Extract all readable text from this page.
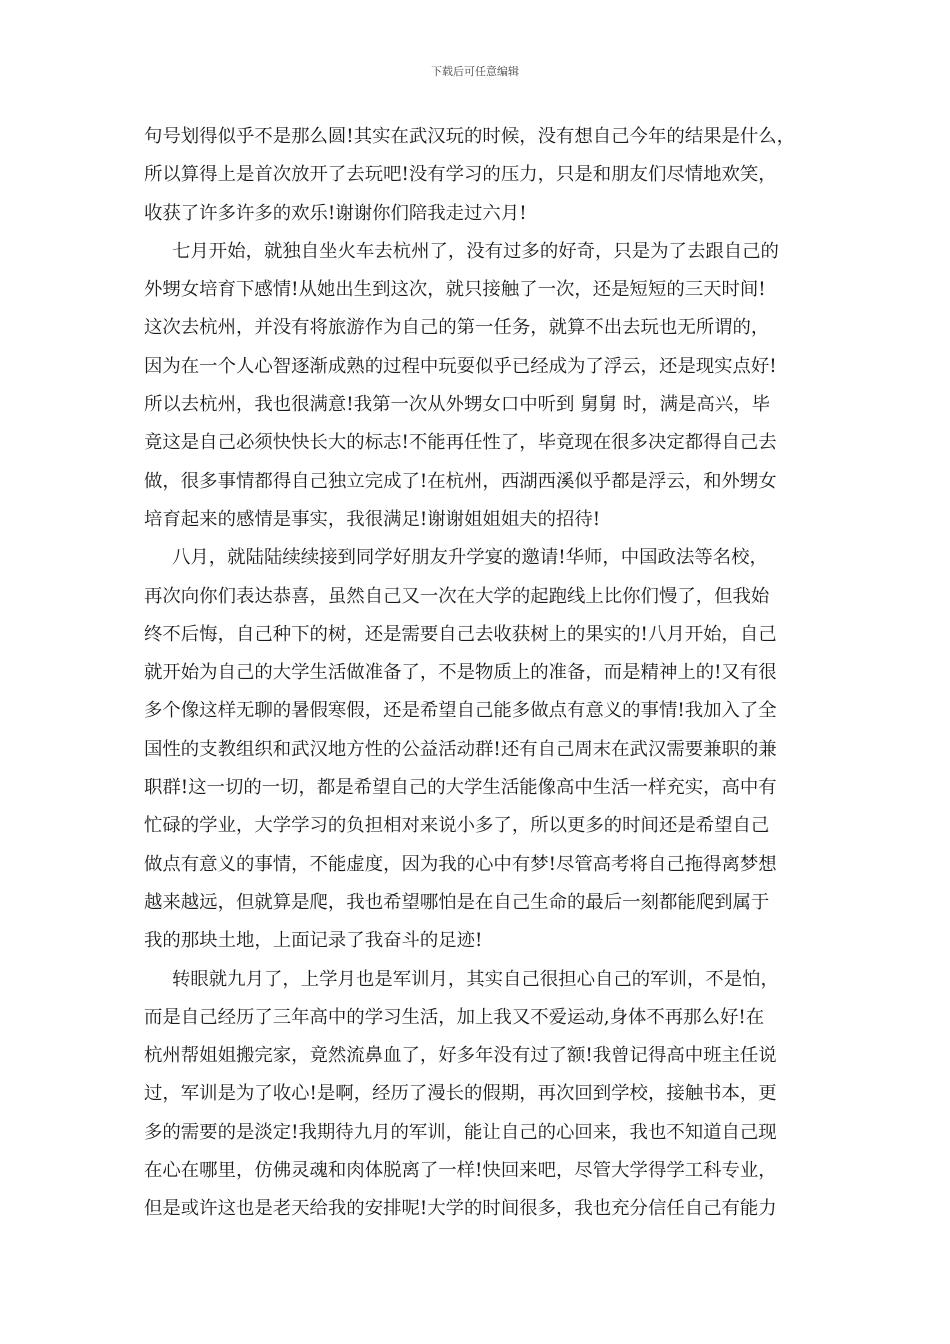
下载后可任意编辑
句号划得似乎不是那么圆!其实在武汉玩的时候，没有想自己今年的结果是什么，
所以算得上是首次放开了去玩吧!没有学习的压力，只是和朋友们尽情地欢笑，
收获了许多许多的欢乐!谢谢你们陪我走过六月!
七月开始，就独自坐火车去杭州了，没有过多的好奇，只是为了去跟自己的
外甥女培育下感情!从她出生到这次，就只接触了一次，还是短短的三天时间!
这次去杭州，并没有将旅游作为自己的第一任务，就算不出去玩也无所谓的，
因为在一个人心智逐渐成熟的过程中玩耍似乎已经成为了浮云，还是现实点好!
所以去杭州，我也很满意!我第一次从外甥女口中听到 舅舅 时，满是高兴，毕
竟这是自己必须快快长大的标志!不能再任性了，毕竟现在很多决定都得自己去
做，很多事情都得自己独立完成了!在杭州，西湖西溪似乎都是浮云，和外甥女
培育起来的感情是事实，我很满足!谢谢姐姐姐夫的招待!
八月，就陆陆续续接到同学好朋友升学宴的邀请!华师，中国政法等名校，
再次向你们表达恭喜，虽然自己又一次在大学的起跑线上比你们慢了，但我始
终不后悔，自己种下的树，还是需要自己去收获树上的果实的!八月开始，自己
就开始为自己的大学生活做准备了，不是物质上的准备，而是精神上的!又有很
多个像这样无聊的暑假寒假，还是希望自己能多做点有意义的事情!我加入了全
国性的支教组织和武汉地方性的公益活动群!还有自己周末在武汉需要兼职的兼
职群!这一切的一切，都是希望自己的大学生活能像高中生活一样充实，高中有
忙碌的学业，大学学习的负担相对来说小多了，所以更多的时间还是希望自己
做点有意义的事情，不能虚度，因为我的心中有梦!尽管高考将自己拖得离梦想
越来越远，但就算是爬，我也希望哪怕是在自己生命的最后一刻都能爬到属于
我的那块土地，上面记录了我奋斗的足迹!
转眼就九月了，上学月也是军训月，其实自己很担心自己的军训，不是怕，
而是自己经历了三年高中的学习生活，加上我又不爱运动,身体不再那么好!在
杭州帮姐姐搬完家，竟然流鼻血了，好多年没有过了额!我曾记得高中班主任说
过，军训是为了收心!是啊，经历了漫长的假期，再次回到学校，接触书本，更
多的需要的是淡定!我期待九月的军训，能让自己的心回来，我也不知道自己现
在心在哪里，仿佛灵魂和肉体脱离了一样!快回来吧，尽管大学得学工科专业，
但是或许这也是老天给我的安排呢!大学的时间很多，我也充分信任自己有能力
